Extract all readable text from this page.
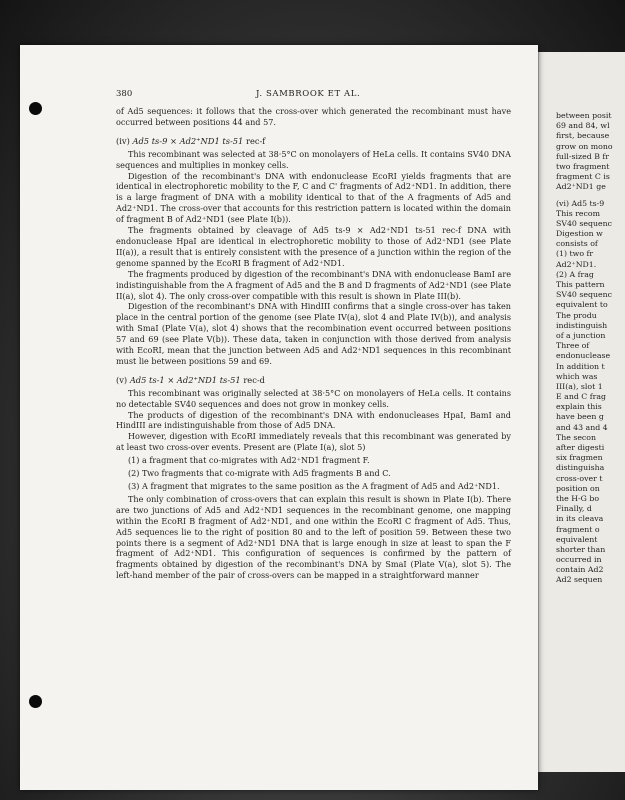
380	J. SAMBROOK ET AL.

of Ad5 sequences: it follows that the cross-over which generated the recombinant must have occurred between positions 44 and 57.

(iv) Ad5 ts-9 × Ad2⁺ND1 ts-51 rec-f

This recombinant was selected at 38·5°C on monolayers of HeLa cells. It contains SV40 DNA sequences and multiplies in monkey cells.

Digestion of the recombinant's DNA with endonuclease EcoRI yields fragments that are identical in electrophoretic mobility to the F, C and C' fragments of Ad2⁺ND1. In addition, there is a large fragment of DNA with a mobility identical to that of the A fragments of Ad5 and Ad2⁺ND1. The cross-over that accounts for this restriction pattern is located within the domain of fragment B of Ad2⁺ND1 (see Plate I(b)).

The fragments obtained by cleavage of Ad5 ts-9 × Ad2⁺ND1 ts-51 rec-f DNA with endonuclease HpaI are identical in electrophoretic mobility to those of Ad2⁺ND1 (see Plate II(a)), a result that is entirely consistent with the presence of a junction within the region of the genome spanned by the EcoRI B fragment of Ad2⁺ND1.

The fragments produced by digestion of the recombinant's DNA with endonuclease BamI are indistinguishable from the A fragment of Ad5 and the B and D fragments of Ad2⁺ND1 (see Plate II(a), slot 4). The only cross-over compatible with this result is shown in Plate III(b).

Digestion of the recombinant's DNA with HindIII confirms that a single cross-over has taken place in the central portion of the genome (see Plate IV(a), slot 4 and Plate IV(b)), and analysis with SmaI (Plate V(a), slot 4) shows that the recombination event occurred between positions 57 and 69 (see Plate V(b)). These data, taken in conjunction with those derived from analysis with EcoRI, mean that the junction between Ad5 and Ad2⁺ND1 sequences in this recombinant must lie between positions 59 and 69.

(v) Ad5 ts-1 × Ad2⁺ND1 ts-51 rec-d

This recombinant was originally selected at 38·5°C on monolayers of HeLa cells. It contains no detectable SV40 sequences and does not grow in monkey cells.

The products of digestion of the recombinant's DNA with endonucleases HpaI, BamI and HindIII are indistinguishable from those of Ad5 DNA.

However, digestion with EcoRI immediately reveals that this recombinant was generated by at least two cross-over events. Present are (Plate I(a), slot 5)

(1) a fragment that co-migrates with Ad2⁺ND1 fragment F.

(2) Two fragments that co-migrate with Ad5 fragments B and C.

(3) A fragment that migrates to the same position as the A fragment of Ad5 and Ad2⁺ND1.

The only combination of cross-overs that can explain this result is shown in Plate I(b). There are two junctions of Ad5 and Ad2⁺ND1 sequences in the recombinant genome, one mapping within the EcoRI B fragment of Ad2⁺ND1, and one within the EcoRI C fragment of Ad5. Thus, Ad5 sequences lie to the right of position 80 and to the left of position 59. Between these two points there is a segment of Ad2⁺ND1 DNA that is large enough in size at least to span the F fragment of Ad2⁺ND1. This configuration of sequences is confirmed by the pattern of fragments obtained by digestion of the recombinant's DNA by SmaI (Plate V(a), slot 5). The left-hand member of the pair of cross-overs can be mapped in a straightforward manner

between posit
69 and 84, wl
first, because
grow on mono
full-sized B fr
two fragment
fragment C is
Ad2⁺ND1 ge
(vi) Ad5 ts-9
This recom
SV40 sequenc
Digestion w
consists of
(1) two fr
Ad2⁺ND1.
(2) A frag
This pattern
SV40 sequenc
equivalent to
The produ
indistinguish
of a junction
Three of
endonuclease
In addition t
which was
III(a), slot 1
E and C frag
explain this
have been g
and 43 and 4
The secon
after digesti
six fragmen
distinguisha
cross-over t
position on
the H-G bo
Finally, d
in its cleava
fragment o
equivalent
shorter than
occurred in
contain Ad2
Ad2 sequen
